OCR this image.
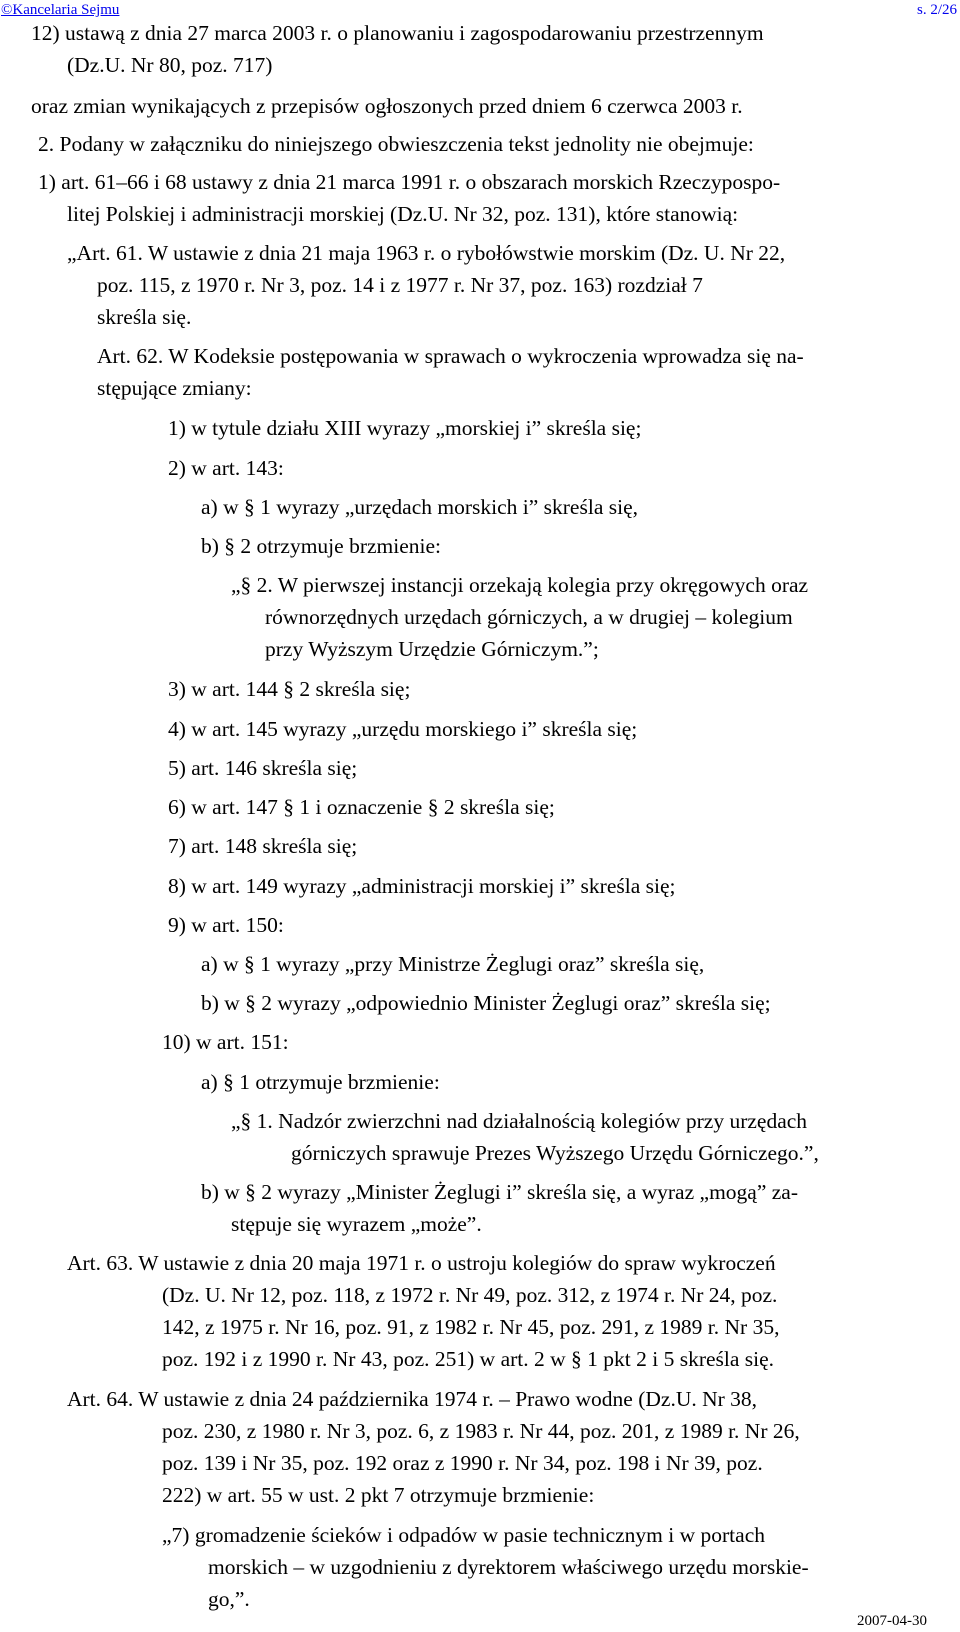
©Kancelaria Sejmu	s. 2/26
12) ustawą z dnia 27 marca 2003 r. o planowaniu i zagospodarowaniu przestrzennym
(Dz.U. Nr 80, poz. 717)
oraz zmian wynikających z przepisów ogłoszonych przed dniem 6 czerwca 2003 r.
2. Podany w załączniku do niniejszego obwieszczenia tekst jednolity nie obejmuje:
1) art. 61–66 i 68 ustawy z dnia 21 marca 1991 r. o obszarach morskich Rzeczypospo-
litej Polskiej i administracji morskiej (Dz.U. Nr 32, poz. 131), które stanowią:
„Art. 61. W ustawie z dnia 21 maja 1963 r. o rybołówstwie morskim (Dz. U. Nr 22,
poz. 115, z 1970 r. Nr 3, poz. 14 i z 1977 r. Nr 37, poz. 163) rozdział 7
skreśla się.
Art. 62. W Kodeksie postępowania w sprawach o wykroczenia wprowadza się na-
stępujące zmiany:
1) w tytule działu XIII wyrazy „morskiej i” skreśla się;
2) w art. 143:
a) w § 1 wyrazy „urzędach morskich i” skreśla się,
b) § 2 otrzymuje brzmienie:
„§ 2. W pierwszej instancji orzekają kolegia przy okręgowych oraz
równorzędnych urzędach górniczych, a w drugiej – kolegium
przy Wyższym Urzędzie Górniczym.”;
3) w art. 144 § 2 skreśla się;
4) w art. 145 wyrazy „urzędu morskiego i” skreśla się;
5) art. 146 skreśla się;
6) w art. 147 § 1 i oznaczenie § 2 skreśla się;
7) art. 148 skreśla się;
8) w art. 149 wyrazy „administracji morskiej i” skreśla się;
9) w art. 150:
a) w § 1 wyrazy „przy Ministrze Żeglugi oraz” skreśla się,
b) w § 2 wyrazy „odpowiednio Minister Żeglugi oraz” skreśla się;
10) w art. 151:
a) § 1 otrzymuje brzmienie:
„§ 1. Nadzór zwierzchni nad działalnością kolegiów przy urzędach
górniczych sprawuje Prezes Wyższego Urzędu Górniczego.”,
b) w § 2 wyrazy „Minister Żeglugi i” skreśla się, a wyraz „mogą” za-
stępuje się wyrazem „może”.
Art. 63. W ustawie z dnia 20 maja 1971 r. o ustroju kolegiów do spraw wykroczeń
(Dz. U. Nr 12, poz. 118, z 1972 r. Nr 49, poz. 312, z 1974 r. Nr 24, poz.
142, z 1975 r. Nr 16, poz. 91, z 1982 r. Nr 45, poz. 291, z 1989 r. Nr 35,
poz. 192 i z 1990 r. Nr 43, poz. 251) w art. 2 w § 1 pkt 2 i 5 skreśla się.
Art. 64. W ustawie z dnia 24 października 1974 r. – Prawo wodne (Dz.U. Nr 38,
poz. 230, z 1980 r. Nr 3, poz. 6, z 1983 r. Nr 44, poz. 201, z 1989 r. Nr 26,
poz. 139 i Nr 35, poz. 192 oraz z 1990 r. Nr 34, poz. 198 i Nr 39, poz.
222) w art. 55 w ust. 2 pkt 7 otrzymuje brzmienie:
„7) gromadzenie ścieków i odpadów w pasie technicznym i w portach
morskich – w uzgodnieniu z dyrektorem właściwego urzędu morskie-
go,”.
2007-04-30
